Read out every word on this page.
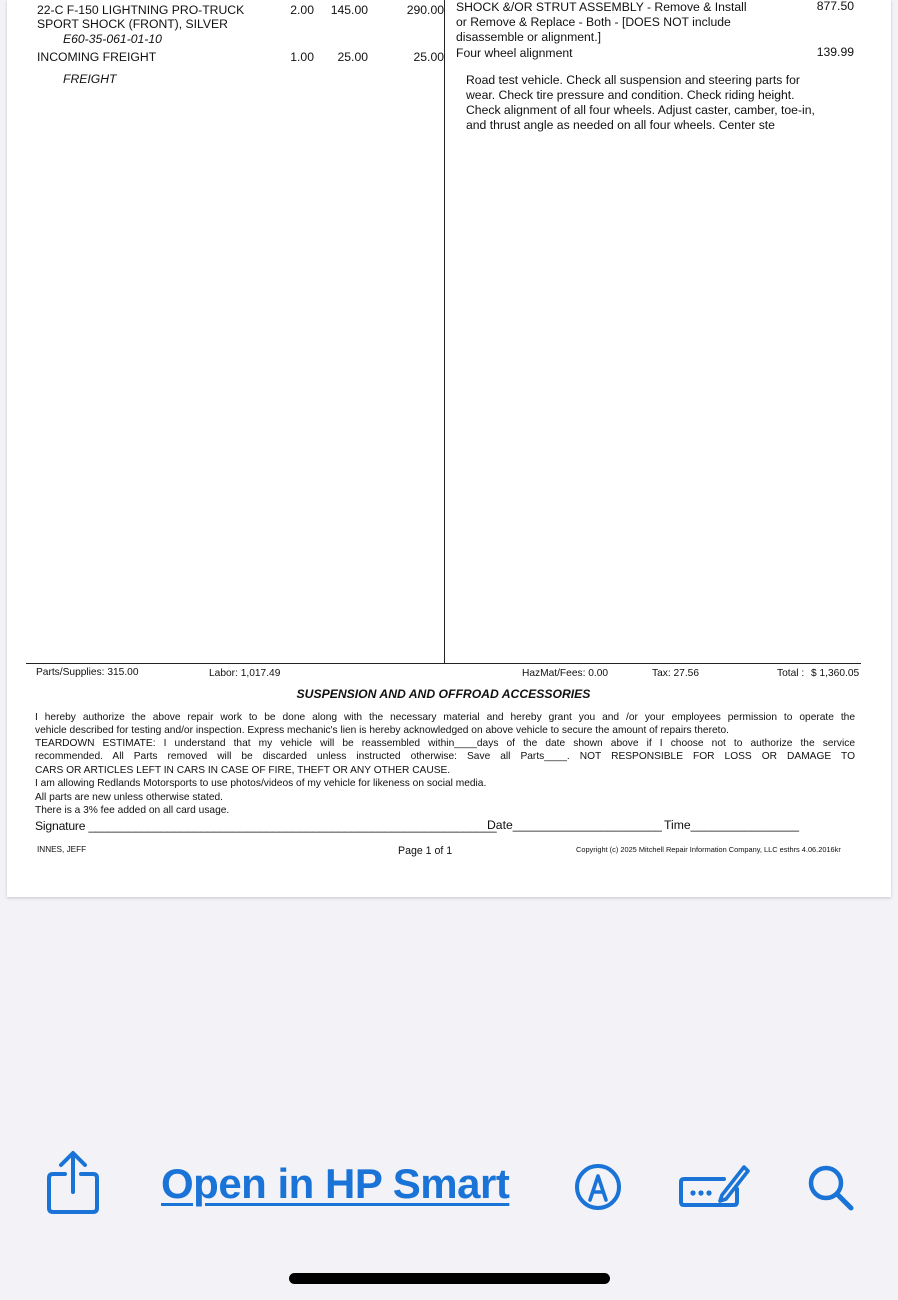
22-C F-150 LIGHTNING PRO-TRUCK
SPORT SHOCK (FRONT), SILVER
E60-35-061-01-10
2.00	145.00	290.00
INCOMING FREIGHT
FREIGHT
1.00	25.00	25.00
SHOCK &/OR STRUT ASSEMBLY - Remove & Install
or Remove & Replace - Both - [DOES NOT include
disassemble or alignment.]
877.50
Four wheel alignment	139.99
Road test vehicle. Check all suspension and steering parts for
wear. Check tire pressure and condition. Check riding height.
Check alignment of all four wheels. Adjust caster, camber, toe-in,
and thrust angle as needed on all four wheels. Center ste
Parts/Supplies: 315.00	Labor: 1,017.49	HazMat/Fees: 0.00	Tax: 27.56	Total : $ 1,360.05
SUSPENSION AND AND OFFROAD ACCESSORIES
I hereby authorize the above repair work to be done along with the necessary material and hereby grant you and /or your employees permission to operate the
vehicle described for testing and/or inspection. Express mechanic's lien is hereby acknowledged on above vehicle to secure the amount of repairs thereto.
TEARDOWN ESTIMATE: I understand that my vehicle will be reassembled within____days of the date shown above if I choose not to authorize the service
recommended. All Parts removed will be discarded unless instructed otherwise: Save all Parts____. NOT RESPONSIBLE FOR LOSS OR DAMAGE TO
CARS OR ARTICLES LEFT IN CARS IN CASE OF FIRE, THEFT OR ANY OTHER CAUSE.
I am allowing Redlands Motorsports to use photos/videos of my vehicle for likeness on social media.
All parts are new unless otherwise stated.
There is a 3% fee added on all card usage.
Signature ______________________________________________________________
Date______________________ Time________________
INNES, JEFF	Page 1 of 1	Copyright (c) 2025 Mitchell Repair Information Company, LLC esthrs 4.06.2016kr
Open in HP Smart
